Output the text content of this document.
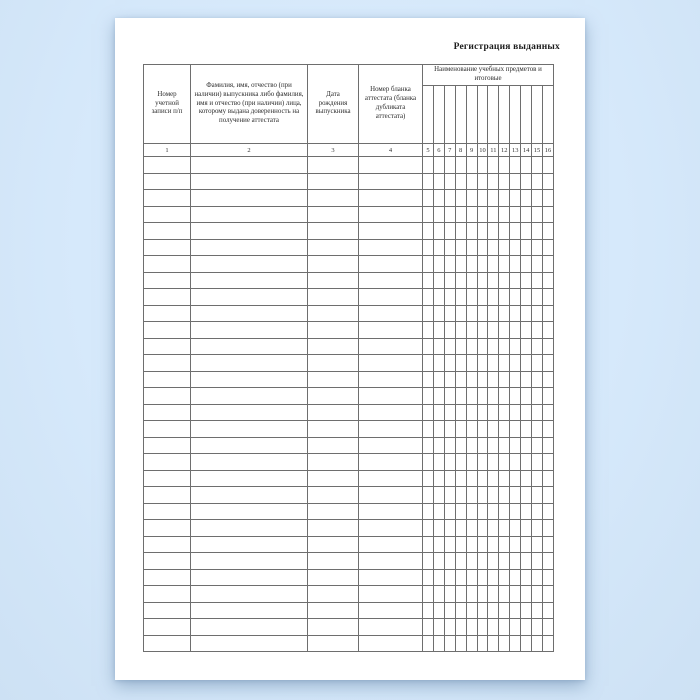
Регистрация выданных
Номер учетной записи п/п	Фамилия, имя, отчество (при наличии) выпускника либо фамилия, имя и отчество (при наличии) лица, которому выдана доверенность на получение аттестата	Дата рождения выпускника	Номер бланка аттестата (бланка дубликата аттестата)	Наименование учебных предметов и итоговые											

1	2	3	4	5	6	7	8	9	10	11	12	13	14	15	16
